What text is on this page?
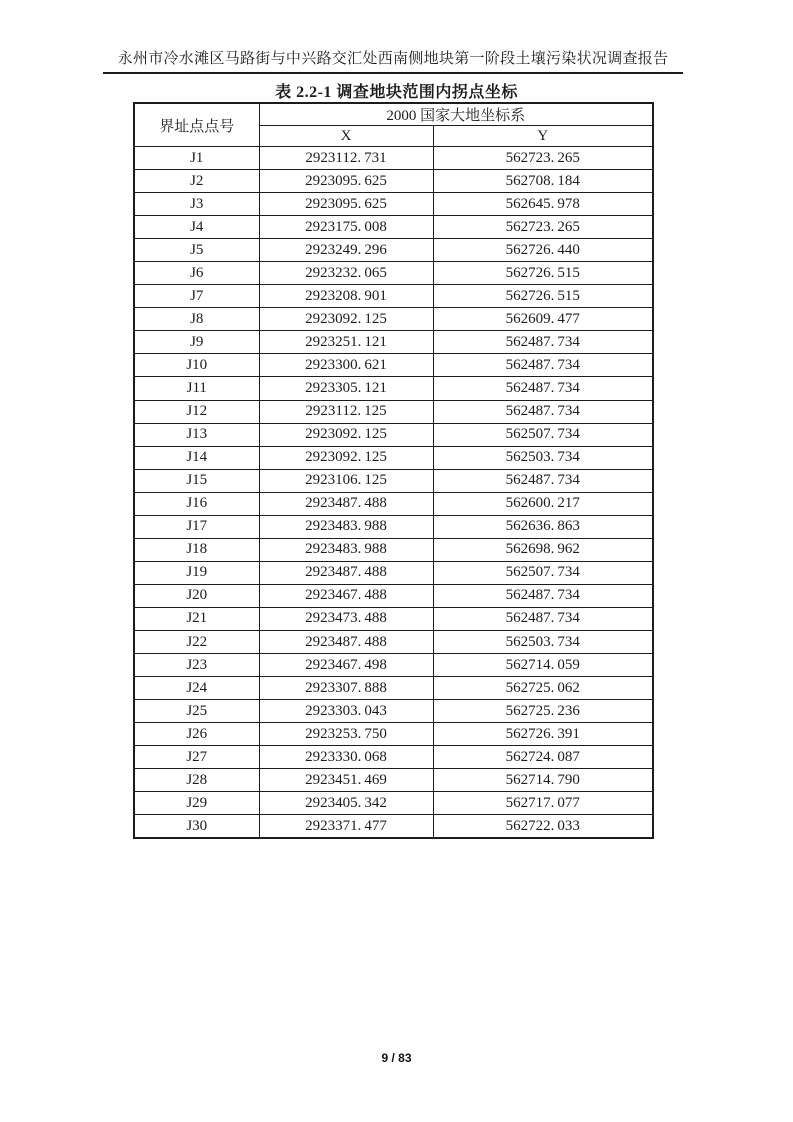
永州市冷水滩区马路街与中兴路交汇处西南侧地块第一阶段土壤污染状况调查报告
表 2.2-1 调查地块范围内拐点坐标
界址点点号	2000 国家大地坐标系	
	X	Y
J1	2923112. 731	562723. 265
J2	2923095. 625	562708. 184
J3	2923095. 625	562645. 978
J4	2923175. 008	562723. 265
J5	2923249. 296	562726. 440
J6	2923232. 065	562726. 515
J7	2923208. 901	562726. 515
J8	2923092. 125	562609. 477
J9	2923251. 121	562487. 734
J10	2923300. 621	562487. 734
J11	2923305. 121	562487. 734
J12	2923112. 125	562487. 734
J13	2923092. 125	562507. 734
J14	2923092. 125	562503. 734
J15	2923106. 125	562487. 734
J16	2923487. 488	562600. 217
J17	2923483. 988	562636. 863
J18	2923483. 988	562698. 962
J19	2923487. 488	562507. 734
J20	2923467. 488	562487. 734
J21	2923473. 488	562487. 734
J22	2923487. 488	562503. 734
J23	2923467. 498	562714. 059
J24	2923307. 888	562725. 062
J25	2923303. 043	562725. 236
J26	2923253. 750	562726. 391
J27	2923330. 068	562724. 087
J28	2923451. 469	562714. 790
J29	2923405. 342	562717. 077
J30	2923371. 477	562722. 033
9 / 83
